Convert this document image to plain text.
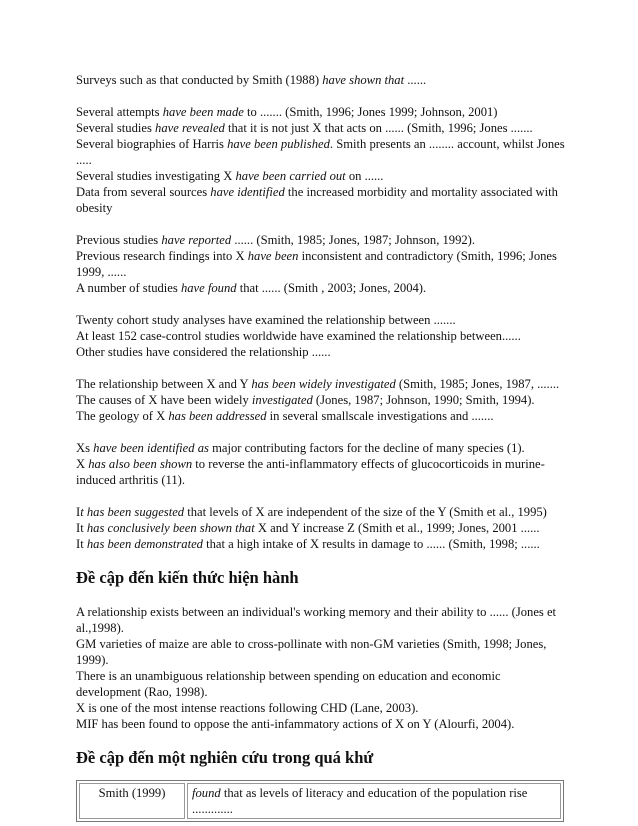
Surveys such as that conducted by Smith (1988) have shown that ......
Several attempts have been made to ....... (Smith, 1996; Jones 1999; Johnson, 2001)
Several studies have revealed that it is not just X that acts on ...... (Smith, 1996; Jones .......
Several biographies of Harris have been published. Smith presents an ........ account, whilst Jones .....
Several studies investigating X have been carried out on ......
Data from several sources have identified the increased morbidity and mortality associated with obesity
Previous studies have reported ...... (Smith, 1985; Jones, 1987; Johnson, 1992).
Previous research findings into X have been inconsistent and contradictory (Smith, 1996; Jones 1999, ......
A number of studies have found that ...... (Smith , 2003; Jones, 2004).
Twenty cohort study analyses have examined the relationship between .......
At least 152 case-control studies worldwide have examined the relationship between......
Other studies have considered the relationship ......
The relationship between X and Y has been widely investigated (Smith, 1985; Jones, 1987, .......
The causes of X have been widely investigated (Jones, 1987; Johnson, 1990; Smith, 1994).
The geology of X has been addressed in several smallscale investigations and .......
Xs have been identified as major contributing factors for the decline of many species (1).
X has also been shown to reverse the anti-inflammatory effects of glucocorticoids in murine-induced arthritis (11).
It has been suggested that levels of X are independent of the size of the Y (Smith et al., 1995)
It has conclusively been shown that X and Y increase Z (Smith et al., 1999; Jones, 2001 ......
It has been demonstrated that a high intake of X results in damage to ...... (Smith, 1998; ......
Đề cập đến kiến thức hiện hành
A relationship exists between an individual's working memory and their ability to ...... (Jones et al.,1998).
GM varieties of maize are able to cross-pollinate with non-GM varieties (Smith, 1998; Jones, 1999).
There is an unambiguous relationship between spending on education and economic development (Rao, 1998).
X is one of the most intense reactions following CHD (Lane, 2003).
MIF has been found to oppose the anti-infammatory actions of X on Y (Alourfi, 2004).
Đề cập đến một nghiên cứu trong quá khứ
Smith (1999)	found that as levels of literacy and education of the population rise .............
